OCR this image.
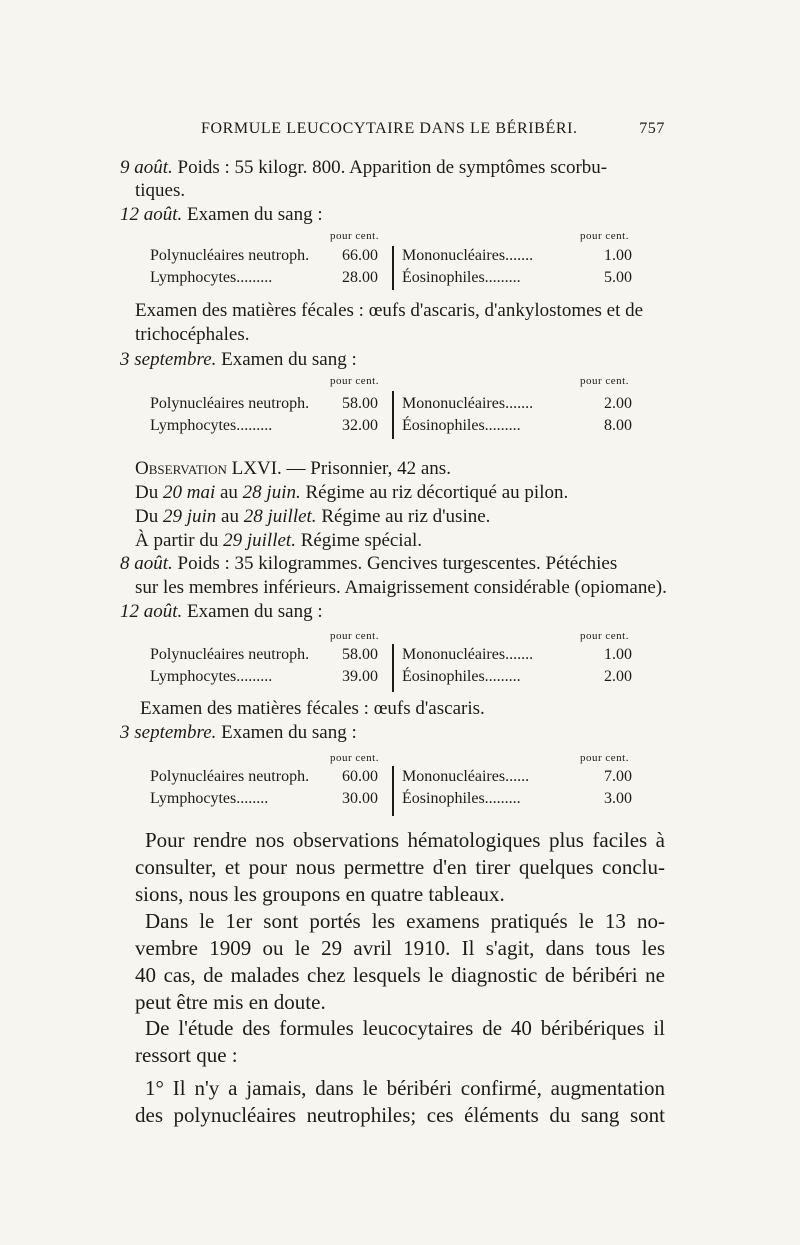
FORMULE LEUCOCYTAIRE DANS LE BÉRIBÉRI.	757
9 août. Poids : 55 kilogr. 800. Apparition de symptômes scorbu-
tiques.
12 août. Examen du sang :
pour cent.	pour cent.
Polynucléaires neutroph.	66.00 Mononucléaires.......	1.00
Lymphocytes.........	28.00 Éosinophiles.........	5.00
Examen des matières fécales : œufs d'ascaris, d'ankylostomes et de
trichocéphales.
3 septembre. Examen du sang :
pour cent.	pour cent.
Polynucléaires neutroph.	58.00 Mononucléaires.......	2.00
Lymphocytes.........	32.00 Éosinophiles.........	8.00
Observation LXVI. — Prisonnier, 42 ans.
Du 20 mai au 28 juin. Régime au riz décortiqué au pilon.
Du 29 juin au 28 juillet. Régime au riz d'usine.
À partir du 29 juillet. Régime spécial.
8 août. Poids : 35 kilogrammes. Gencives turgescentes. Pétéchies
sur les membres inférieurs. Amaigrissement considérable (opiomane).
12 août. Examen du sang :
pour cent.	pour cent.
Polynucléaires neutroph.	58.00 Mononucléaires.......	1.00
Lymphocytes.........	39.00 Éosinophiles.........	2.00
Examen des matières fécales : œufs d'ascaris.
3 septembre. Examen du sang :
pour cent.	pour cent.
Polynucléaires neutroph.	60.00 Mononucléaires......	7.00
Lymphocytes........	30.00 Éosinophiles.........	3.00
Pour rendre nos observations hématologiques plus faciles à
consulter, et pour nous permettre d'en tirer quelques conclu-
sions, nous les groupons en quatre tableaux.
Dans le 1er sont portés les examens pratiqués le 13 no-
vembre 1909 ou le 29 avril 1910. Il s'agit, dans tous les
40 cas, de malades chez lesquels le diagnostic de béribéri ne
peut être mis en doute.
De l'étude des formules leucocytaires de 40 béribériques il
ressort que :
1° Il n'y a jamais, dans le béribéri confirmé, augmentation
des polynucléaires neutrophiles; ces éléments du sang sont
